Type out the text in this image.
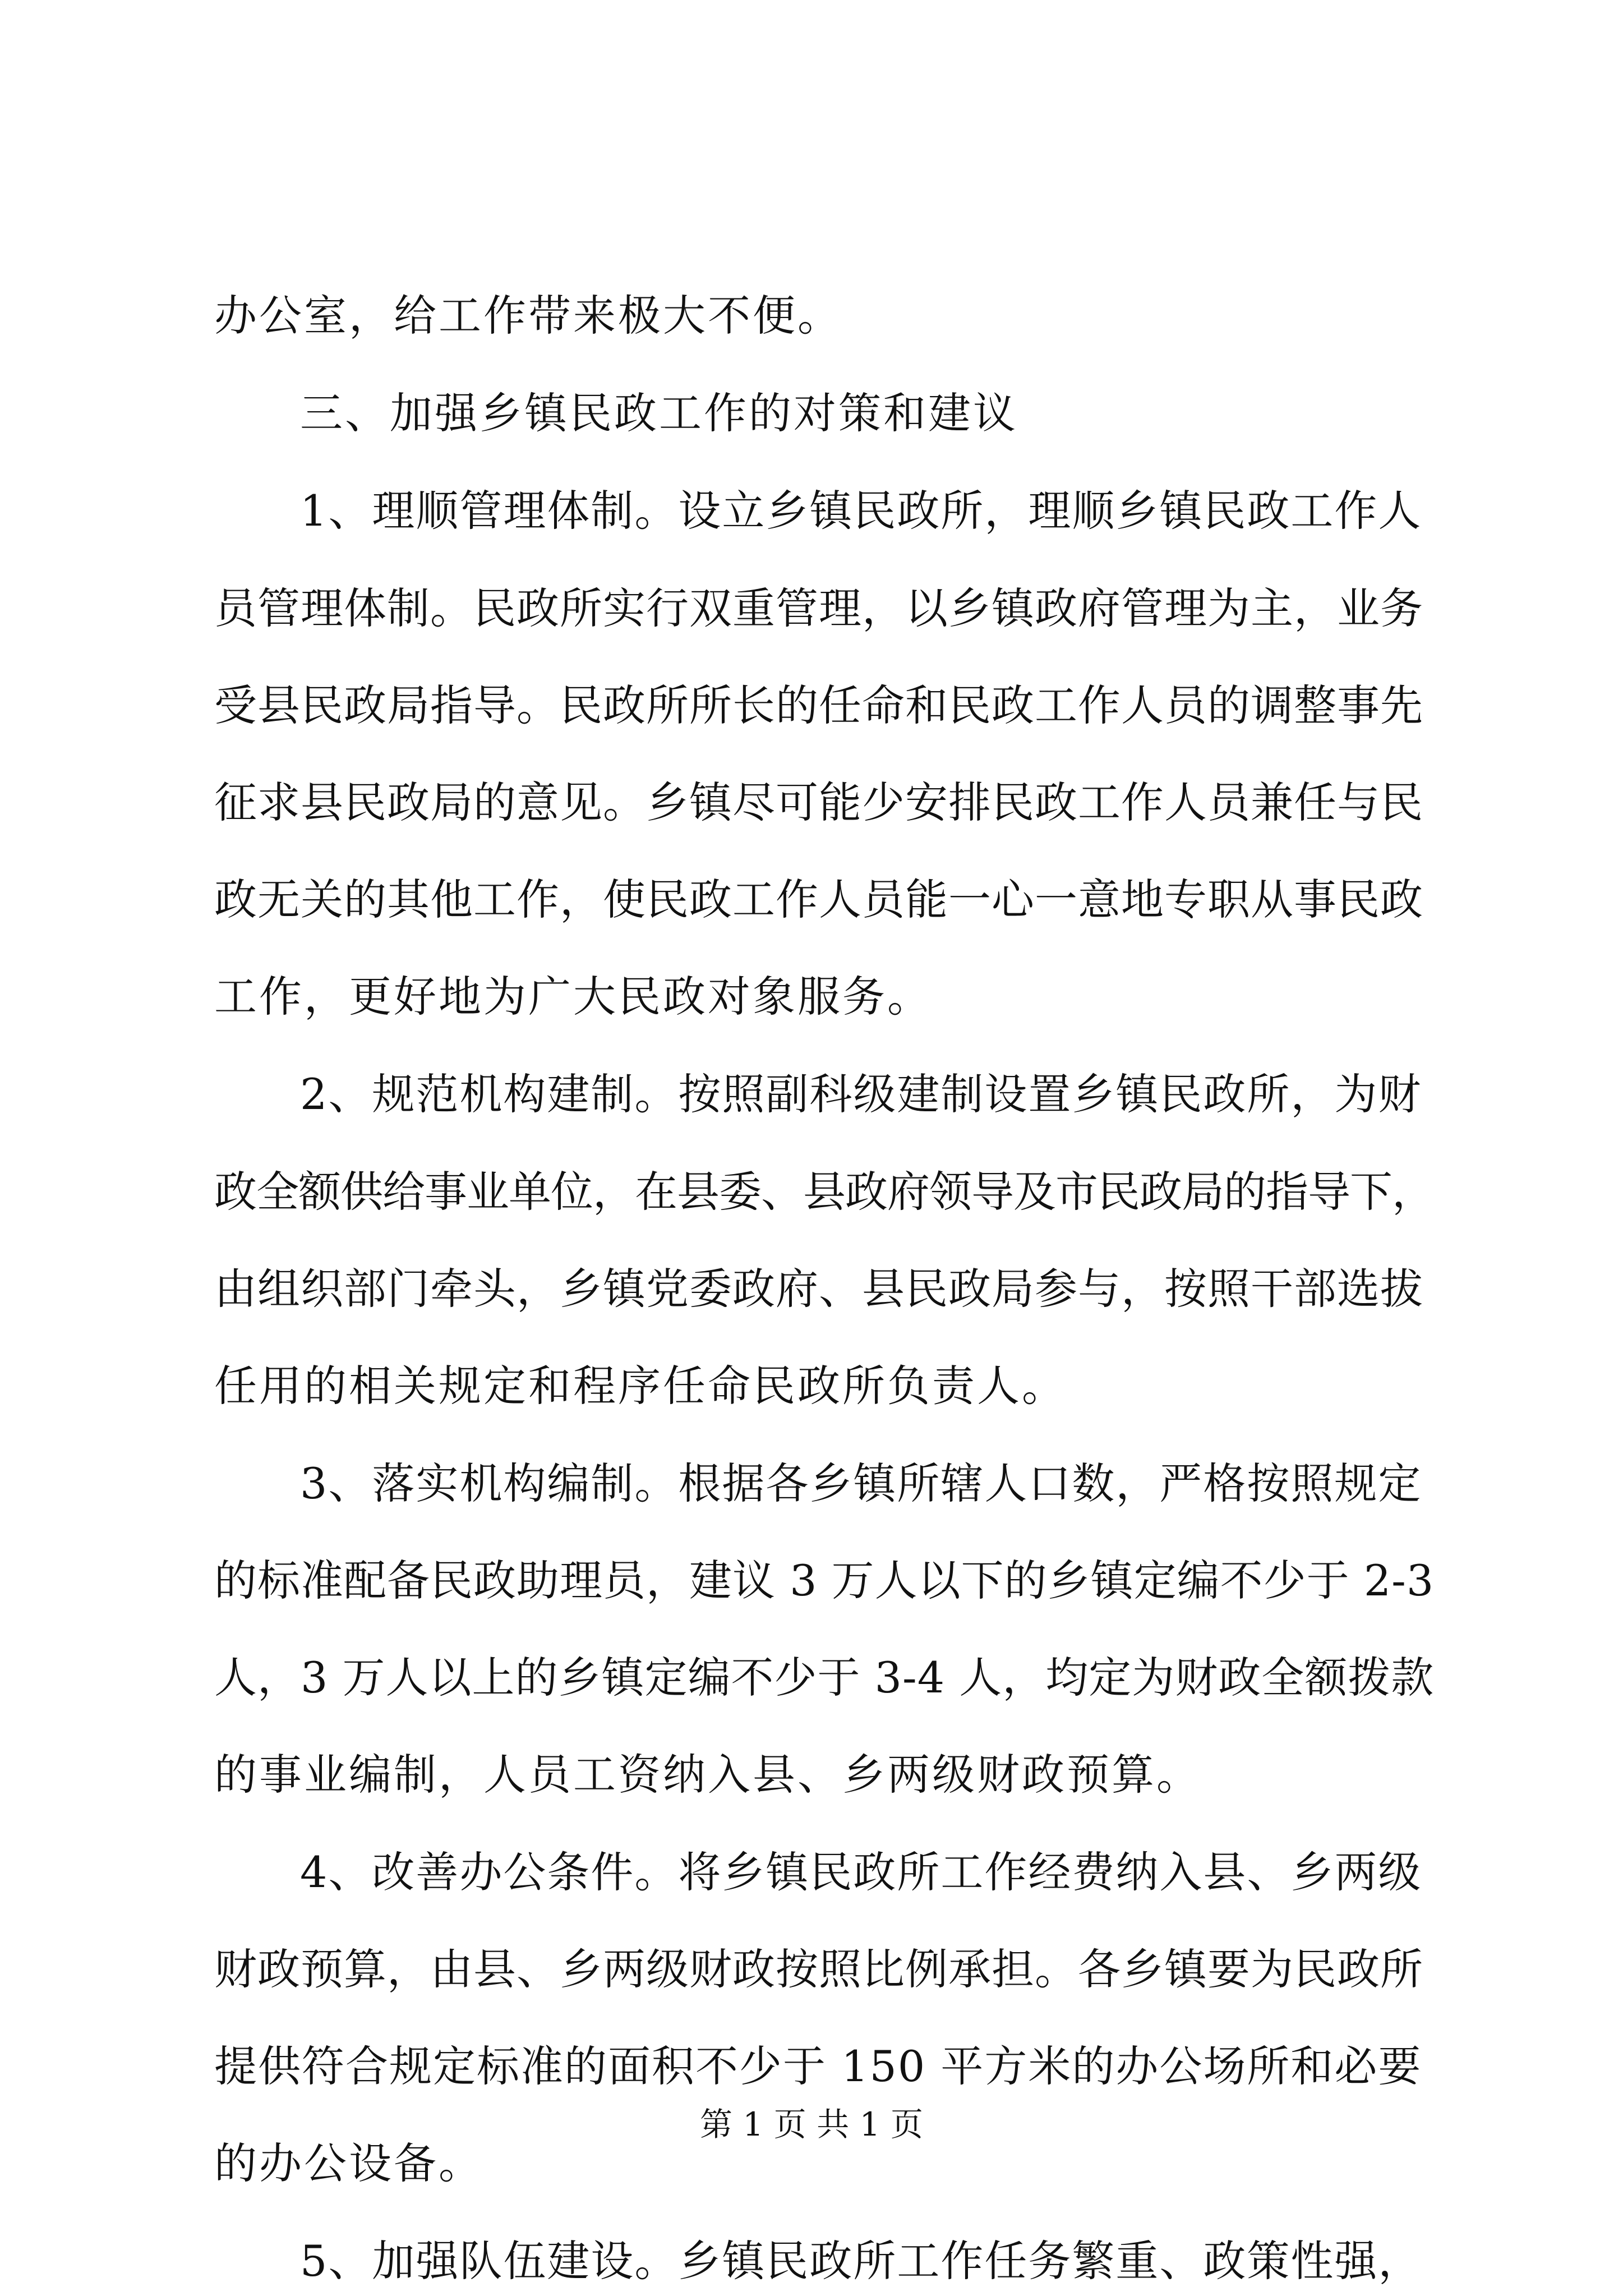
办公室，给工作带来极大不便。
三、加强乡镇民政工作的对策和建议
1、理顺管理体制。设立乡镇民政所，理顺乡镇民政工作人
员管理体制。民政所实行双重管理，以乡镇政府管理为主，业务
受县民政局指导。民政所所长的任命和民政工作人员的调整事先
征求县民政局的意见。乡镇尽可能少安排民政工作人员兼任与民
政无关的其他工作，使民政工作人员能一心一意地专职从事民政
工作，更好地为广大民政对象服务。
2、规范机构建制。按照副科级建制设置乡镇民政所，为财
政全额供给事业单位，在县委、县政府领导及市民政局的指导下，
由组织部门牵头，乡镇党委政府、县民政局参与，按照干部选拔
任用的相关规定和程序任命民政所负责人。
3、落实机构编制。根据各乡镇所辖人口数，严格按照规定
的标准配备民政助理员，建议 3 万人以下的乡镇定编不少于 2-3
人，3 万人以上的乡镇定编不少于 3-4 人，均定为财政全额拨款
的事业编制，人员工资纳入县、乡两级财政预算。
4、改善办公条件。将乡镇民政所工作经费纳入县、乡两级
财政预算，由县、乡两级财政按照比例承担。各乡镇要为民政所
提供符合规定标准的面积不少于 150 平方米的办公场所和必要
的办公设备。
5、加强队伍建设。乡镇民政所工作任务繁重、政策性强，
第 1 页 共 1 页
